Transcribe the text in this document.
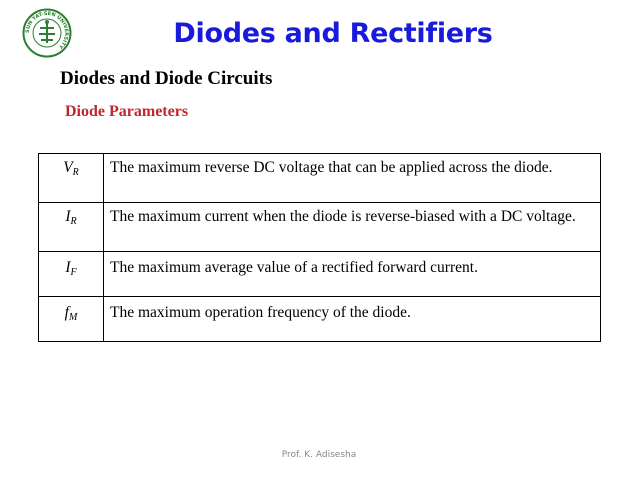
SUN YAT-SEN UNIVERSITY	Diodes and Rectifiers
Diodes and Diode Circuits
Diode Parameters
$V_R$	The maximum reverse DC voltage that can be applied across the diode.
$I_R$	The maximum current when the diode is reverse-biased with a DC voltage.
$I_F$	The maximum average value of a rectified forward current.
$f_M$	The maximum operation frequency of the diode.
Prof. K. Adisesha
